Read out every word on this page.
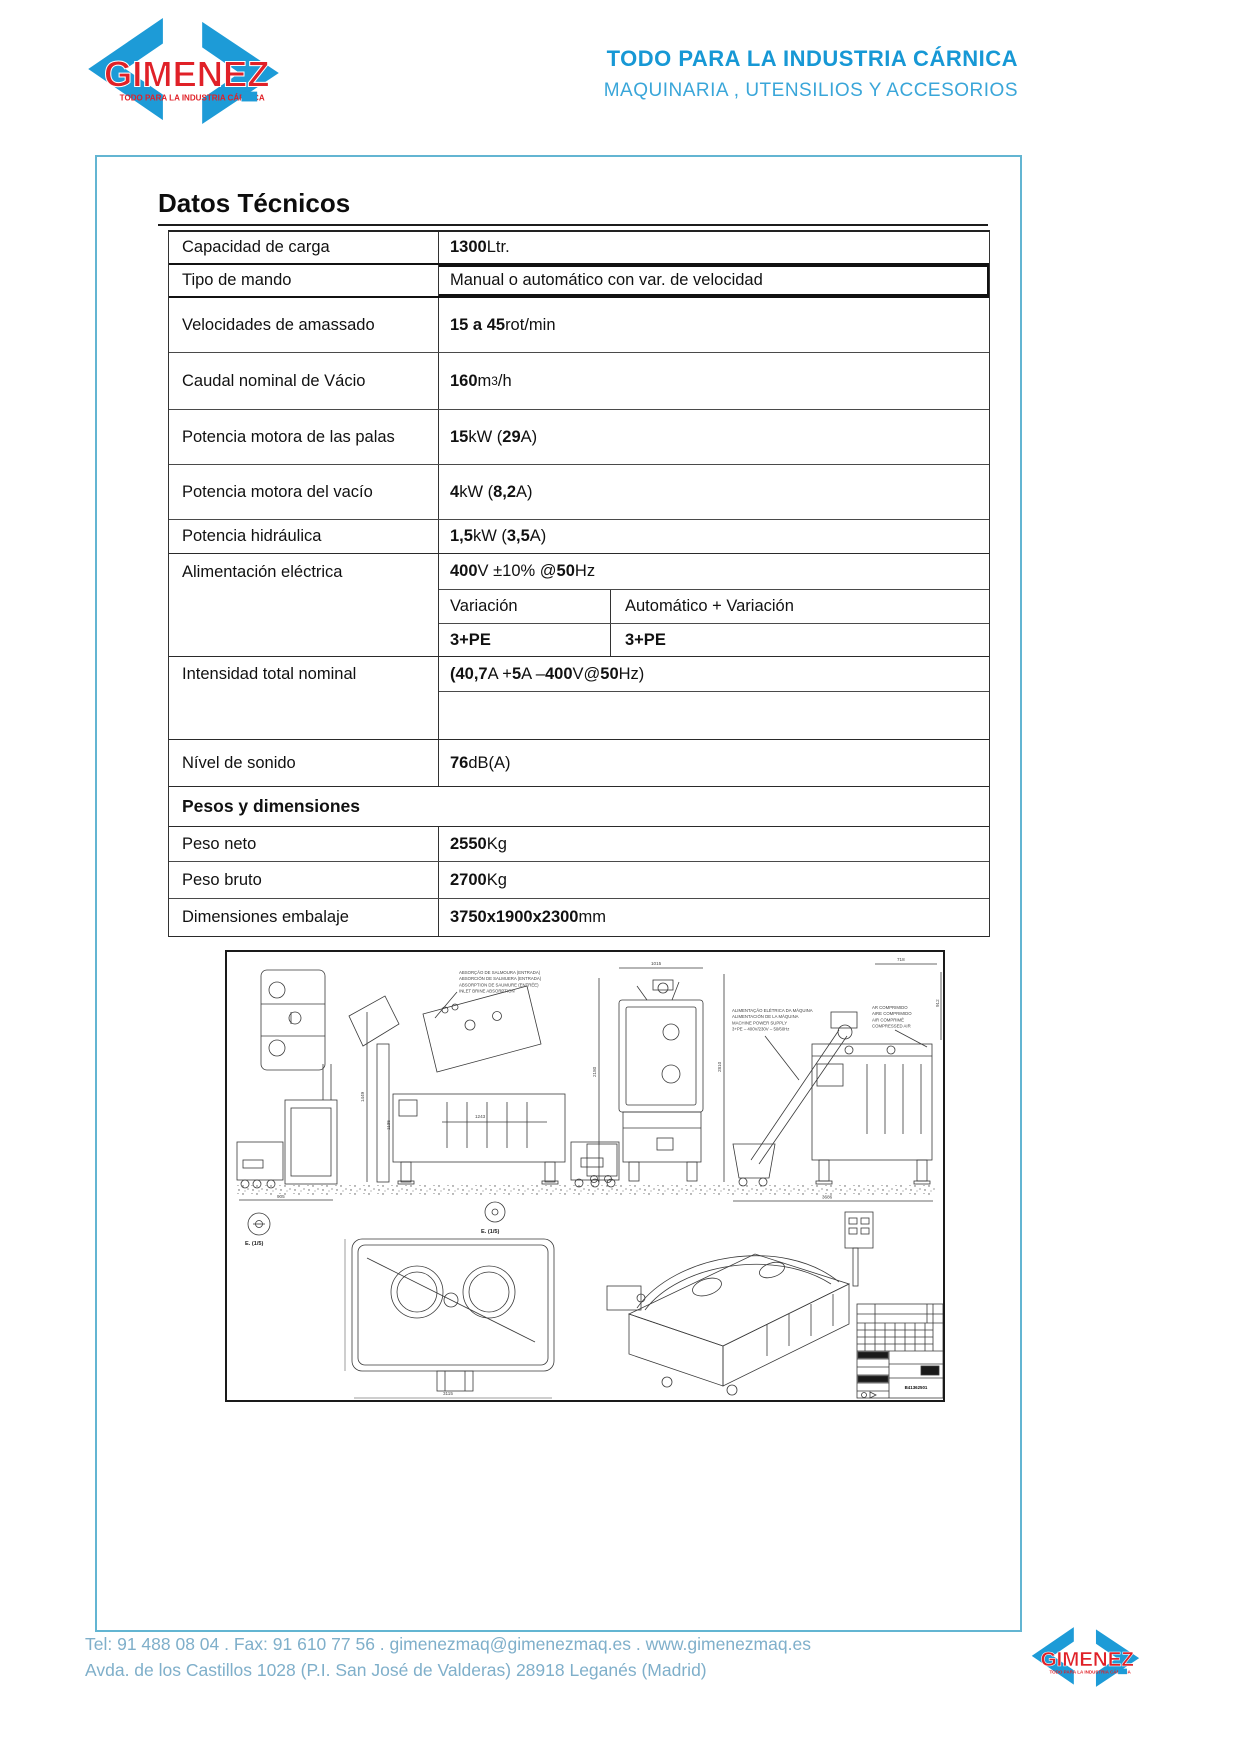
TODO PARA LA INDUSTRIA CÁRNICA
MAQUINARIA , UTENSILIOS Y ACCESORIOS
Datos Técnicos
Capacidad de carga	1300 Ltr.
Tipo de mando	Manual o automático con var. de velocidad
Velocidades de amassado	15 a 45 rot/min
Caudal nominal de Vácio	160 m 3 /h
Potencia motora de las palas	15 kW ( 29 A)
Potencia motora del vacío	4 kW ( 8,2 A)
Potencia hidráulica	1,5 kW ( 3,5 A)
Alimentación eléctrica	400 V ±10% @ 50 Hz
Variación	Automático + Variación
3+PE	3+PE
Intensidad total nominal	(40,7 A + 5 A – 400 V@ 50 Hz)
Nível de sonido	76 dB(A)
Pesos y dimensiones
Peso neto	2550 Kg
Peso bruto	2700 Kg
Dimensiones embalaje	3750x1900x2300 mm
1015
1449
1243
1135
2180	2810
718
912
905	3686
3115
ABSORÇÃO DE SALMOURA (ENTRADA) ABSORCIÓN DE SALMUERA (ENTRADA) ABSORPTION DE SAUMURE (ENTRÉE) INLET BRINE ABSORPTION
ALIMENTAÇÃO ELÉTRICA DA MÁQUINA ALIMENTACIÓN DE LA MÁQUINA MACHINE POWER SUPPLY 3+PE – 400V/230V – 50/60Hz
AR COMPRIMIDO AIRE COMPRIMIDO AIR COMPRIMÉ COMPRESSED AIR
E. (1/5)
E. (1/5)
B41362501
Tel: 91 488 08 04 . Fax: 91 610 77 56 . gimenezmaq@gimenezmaq.es . www.gimenezmaq.es
Avda. de los Castillos 1028 (P.I. San José de Valderas) 28918 Leganés (Madrid)
